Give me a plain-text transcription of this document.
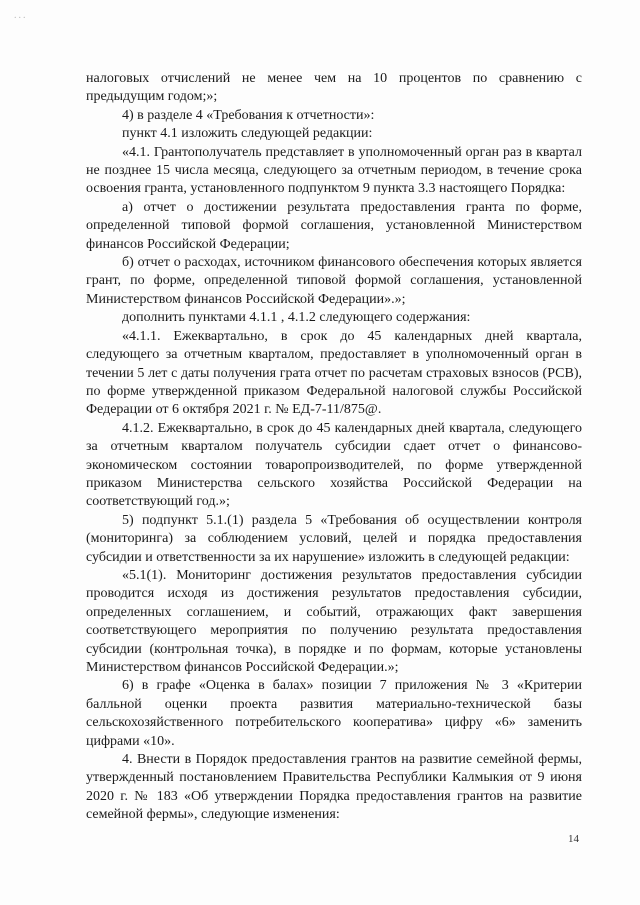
...

налоговых отчислений не менее чем на 10 процентов по сравнению с предыдущим годом;»;

4) в разделе 4 «Требования к отчетности»:

пункт 4.1 изложить следующей редакции:

«4.1. Грантополучатель представляет в уполномоченный орган раз в квартал не позднее 15 числа месяца, следующего за отчетным периодом, в течение срока освоения гранта, установленного подпунктом 9 пункта 3.3 настоящего Порядка:

а) отчет о достижении результата предоставления гранта по форме, определенной типовой формой соглашения, установленной Министерством финансов Российской Федерации;

б) отчет о расходах, источником финансового обеспечения которых является грант, по форме, определенной типовой формой соглашения, установленной Министерством финансов Российской Федерации».»;

дополнить пунктами 4.1.1 , 4.1.2 следующего содержания:

«4.1.1. Ежеквартально, в срок до 45 календарных дней квартала, следующего за отчетным кварталом, предоставляет в уполномоченный орган в течении 5 лет с даты получения грата отчет по расчетам страховых взносов (РСВ), по форме утвержденной приказом Федеральной налоговой службы Российской Федерации от 6 октября 2021 г. № ЕД-7-11/875@.

4.1.2. Ежеквартально, в срок до 45 календарных дней квартала, следующего за отчетным кварталом получатель субсидии сдает отчет о финансово-экономическом состоянии товаропроизводителей, по форме утвержденной приказом Министерства сельского хозяйства Российской Федерации на соответствующий год.»;

5) подпункт 5.1.(1) раздела 5 «Требования об осуществлении контроля (мониторинга) за соблюдением условий, целей и порядка предоставления субсидии и ответственности за их нарушение» изложить в следующей редакции:

«5.1(1). Мониторинг достижения результатов предоставления субсидии проводится исходя из достижения результатов предоставления субсидии, определенных соглашением, и событий, отражающих факт завершения соответствующего мероприятия по получению результата предоставления субсидии (контрольная точка), в порядке и по формам, которые установлены Министерством финансов Российской Федерации.»;

6) в графе «Оценка в балах» позиции 7 приложения № 3 «Критерии балльной оценки проекта развития материально-технической базы сельскохозяйственного потребительского кооператива» цифру «6» заменить цифрами «10».

4. Внести в Порядок предоставления грантов на развитие семейной фермы, утвержденный постановлением Правительства Республики Калмыкия от 9 июня 2020 г. № 183 «Об утверждении Порядка предоставления грантов на развитие семейной фермы», следующие изменения:

14
